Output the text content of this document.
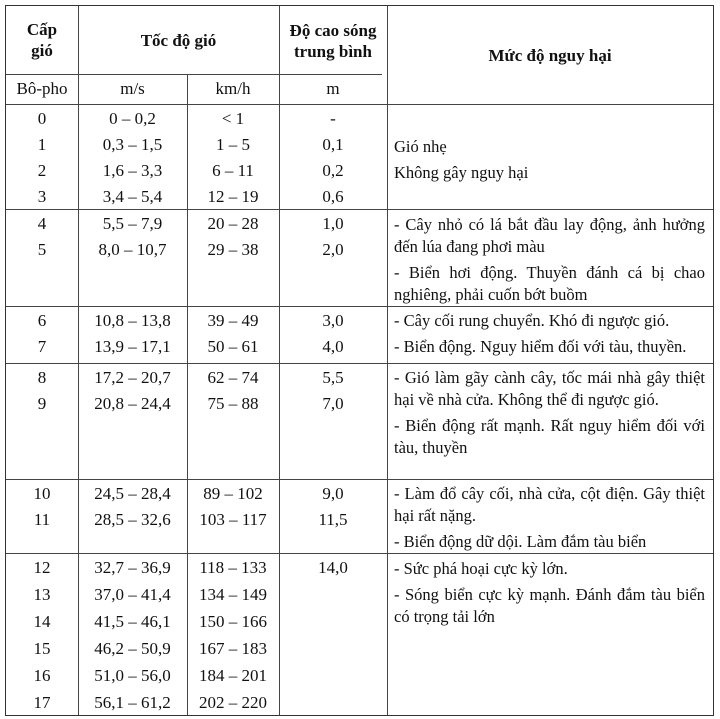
Cấp gió
Tốc độ gió	Độ cao sóng trung bình	Mức độ nguy hại
Bô-pho	m/s	km/h	m
0	0 – 0,2	< 1	-
1	0,3 – 1,5	1 – 5	0,1
2	1,6 – 3,3	6 – 11	0,2
3	3,4 – 5,4	12 – 19	0,6

Gió nhẹ

Không gây nguy hại

4	5,5 – 7,9	20 – 28	1,0
5	8,0 – 10,7	29 – 38	2,0

- Cây nhỏ có lá bắt đầu lay động, ảnh hưởng đến lúa đang phơi màu

- Biển hơi động. Thuyền đánh cá bị chao nghiêng, phải cuốn bớt buồm

6	10,8 – 13,8	39 – 49	3,0
7	13,9 – 17,1	50 – 61	4,0

- Cây cối rung chuyển. Khó đi ngược gió.

- Biển động. Nguy hiểm đối với tàu, thuyền.

8	17,2 – 20,7	62 – 74	5,5
9	20,8 – 24,4	75 – 88	7,0

- Gió làm gãy cành cây, tốc mái nhà gây thiệt hại về nhà cửa. Không thể đi ngược gió.

- Biển động rất mạnh. Rất nguy hiểm đối với tàu, thuyền

10	24,5 – 28,4	89 – 102	9,0
11	28,5 – 32,6	103 – 117	11,5

- Làm đổ cây cối, nhà cửa, cột điện. Gây thiệt hại rất nặng.

- Biển động dữ dội. Làm đắm tàu biển

12	32,7 – 36,9	118 – 133	14,0
13	37,0 – 41,4	134 – 149
14	41,5 – 46,1	150 – 166
15	46,2 – 50,9	167 – 183
16	51,0 – 56,0	184 – 201
17	56,1 – 61,2	202 – 220

- Sức phá hoại cực kỳ lớn.

- Sóng biển cực kỳ mạnh. Đánh đắm tàu biển có trọng tải lớn
